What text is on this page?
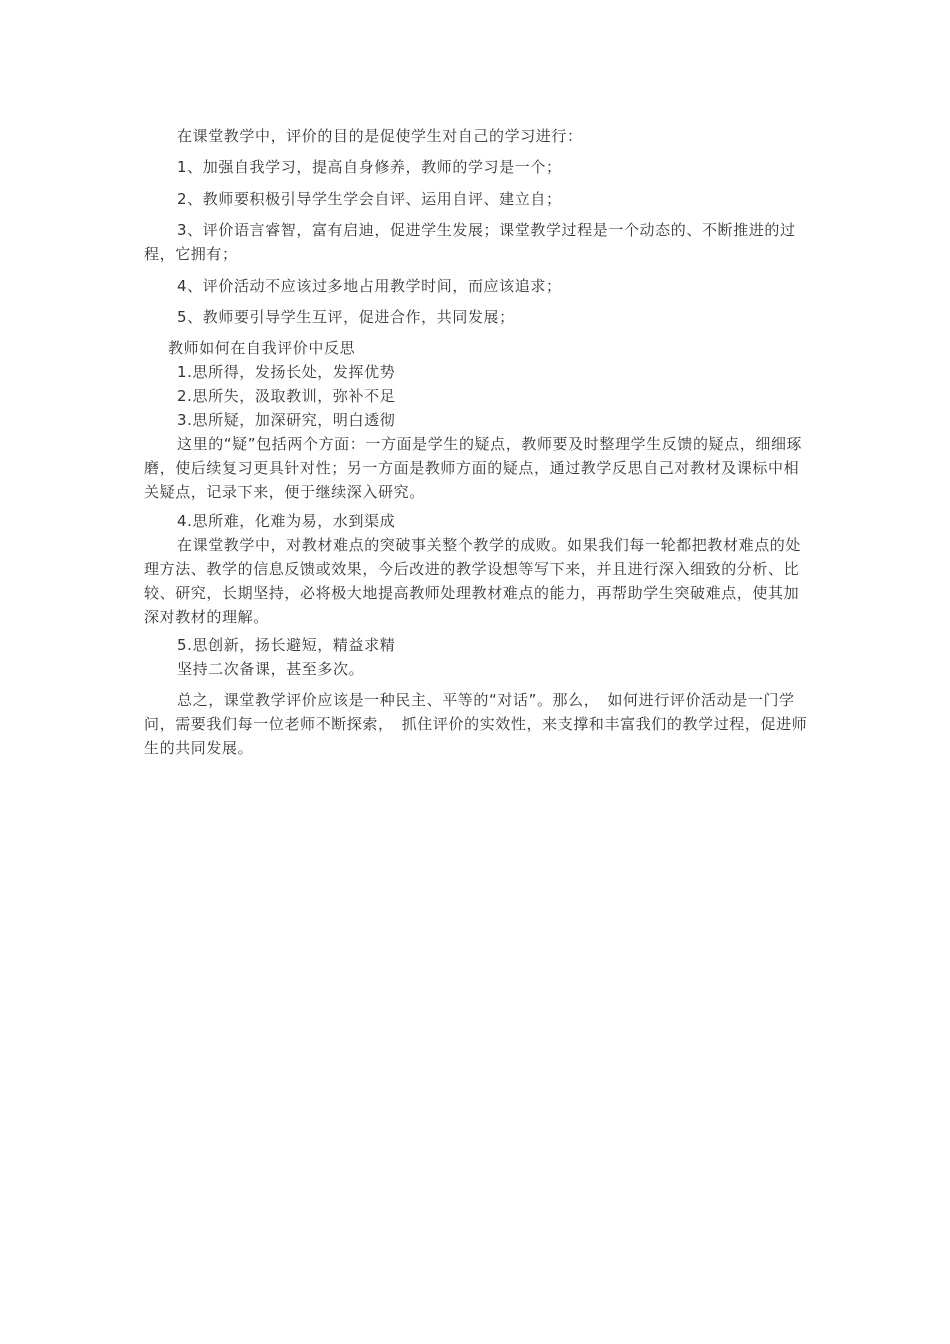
在课堂教学中，评价的目的是促使学生对自己的学习进行：

1、加强自我学习，提高自身修养，教师的学习是一个；

2、教师要积极引导学生学会自评、运用自评、建立自；

3、评价语言睿智，富有启迪，促进学生发展；课堂教学过程是一个动态的、不断推进的过程，它拥有；

4、评价活动不应该过多地占用教学时间，而应该追求；

5、教师要引导学生互评，促进合作，共同发展；

教师如何在自我评价中反思

1.思所得，发扬长处，发挥优势

2.思所失，汲取教训，弥补不足

3.思所疑，加深研究，明白透彻

这里的“疑”包括两个方面：一方面是学生的疑点，教师要及时整理学生反馈的疑点，细细琢磨，使后续复习更具针对性；另一方面是教师方面的疑点，通过教学反思自己对教材及课标中相关疑点，记录下来，便于继续深入研究。

4.思所难，化难为易，水到渠成

在课堂教学中，对教材难点的突破事关整个教学的成败。如果我们每一轮都把教材难点的处理方法、教学的信息反馈或效果，今后改进的教学设想等写下来，并且进行深入细致的分析、比较、研究，长期坚持，必将极大地提高教师处理教材难点的能力，再帮助学生突破难点，使其加深对教材的理解。

5.思创新，扬长避短，精益求精

坚持二次备课，甚至多次。

总之，课堂教学评价应该是一种民主、平等的“对话”。那么，　如何进行评价活动是一门学问，需要我们每一位老师不断探索，　抓住评价的实效性，来支撑和丰富我们的教学过程，促进师生的共同发展。
